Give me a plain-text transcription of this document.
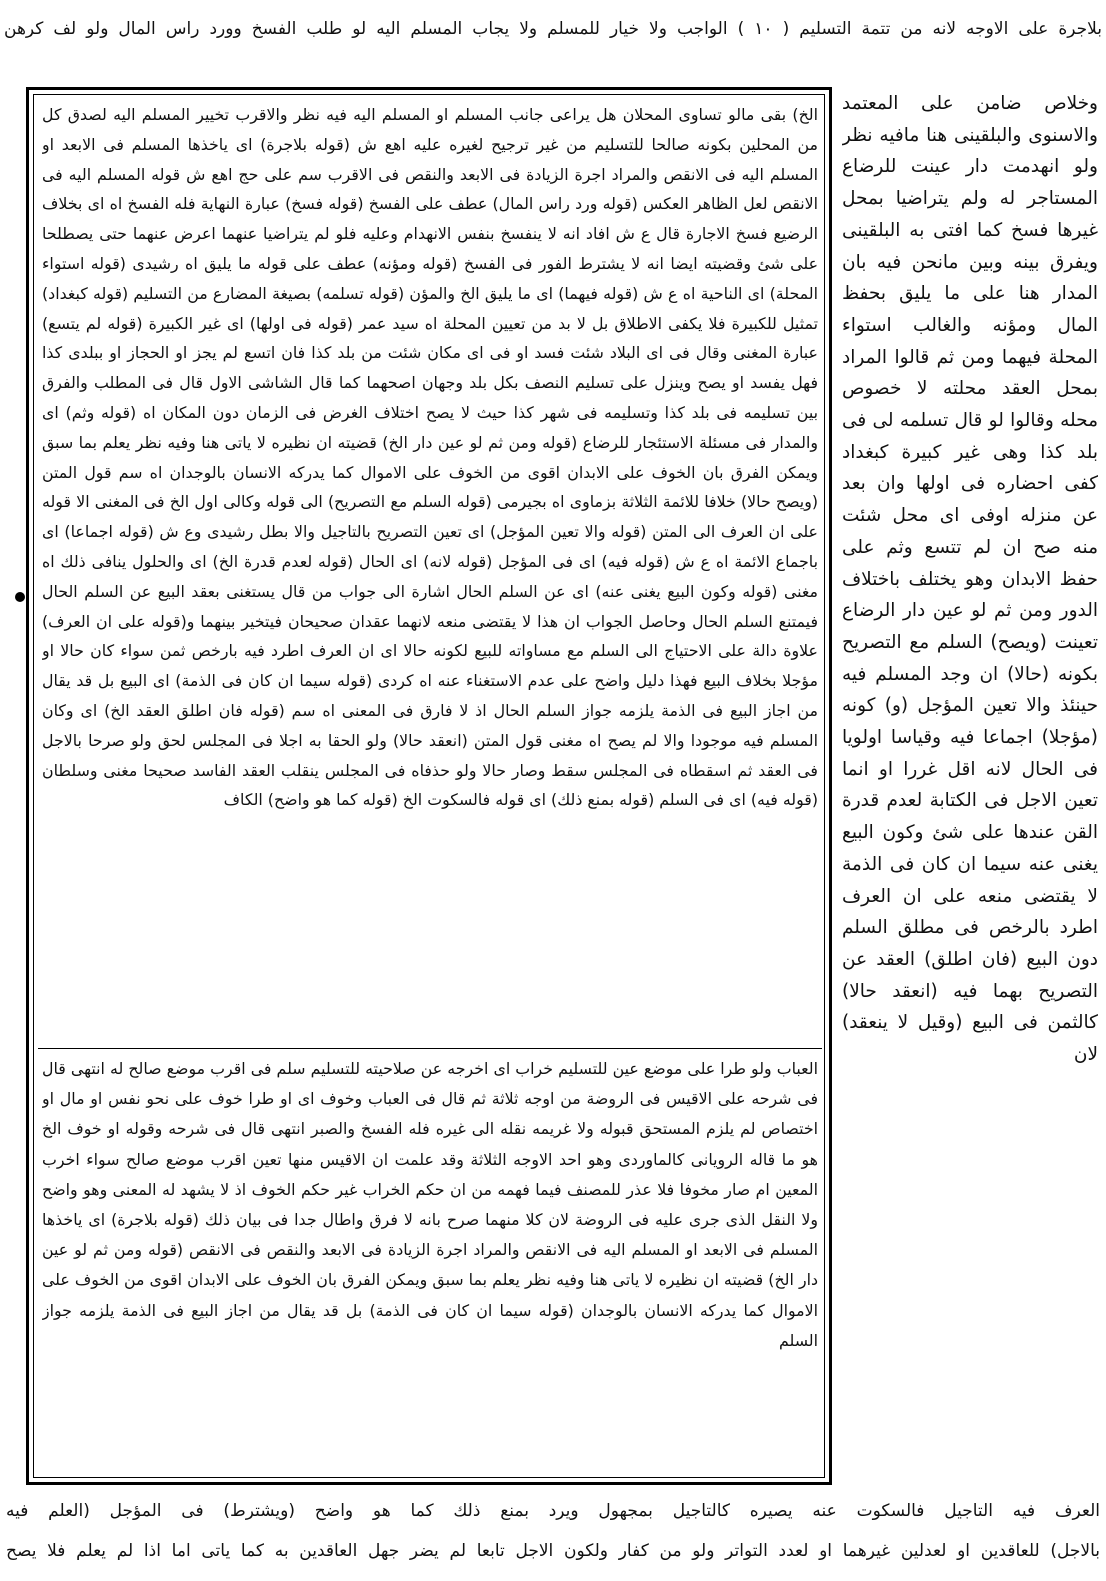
بلاجرة على الاوجه لانه من تتمة التسليم ( ١٠ ) الواجب ولا خيار للمسلم ولا يجاب المسلم اليه لو طلب الفسخ وورد راس المال ولو لف كرهن
وخلاص ضامن على المعتمد والاسنوى والبلقينى هنا مافيه نظر ولو انهدمت دار عينت للرضاع المستاجر له ولم يتراضيا بمحل غيرها فسخ كما افتى به البلقينى ويفرق بينه وبين مانحن فيه بان المدار هنا على ما يليق بحفظ المال ومؤنه والغالب استواء المحلة فيهما ومن ثم قالوا المراد بمحل العقد محلته لا خصوص محله وقالوا لو قال تسلمه لى فى بلد كذا وهى غير كبيرة كبغداد كفى احضاره فى اولها وان بعد عن منزله اوفى اى محل شئت منه صح ان لم تتسع وثم على حفظ الابدان وهو يختلف باختلاف الدور ومن ثم لو عين دار الرضاع تعينت (ويصح) السلم مع التصريح بكونه (حالا) ان وجد المسلم فيه حينئذ والا تعين المؤجل (و) كونه (مؤجلا) اجماعا فيه وقياسا اولويا فى الحال لانه اقل غررا او انما تعين الاجل فى الكتابة لعدم قدرة القن عندها على شئ وكون البيع يغنى عنه سيما ان كان فى الذمة لا يقتضى منعه على ان العرف اطرد بالرخص فى مطلق السلم دون البيع (فان اطلق) العقد عن التصريح بهما فيه (انعقد حالا) كالثمن فى البيع (وقيل لا ينعقد) لان
الخ) بقى مالو تساوى المحلان هل يراعى جانب المسلم او المسلم اليه فيه نظر والاقرب تخيير المسلم اليه لصدق كل من المحلين بكونه صالحا للتسليم من غير ترجيح لغيره عليه اهع ش (قوله بلاجرة) اى ياخذها المسلم فى الابعد او المسلم اليه فى الانقص والمراد اجرة الزيادة فى الابعد والنقص فى الاقرب سم على حج اهع ش قوله المسلم اليه فى الانقص لعل الظاهر العكس (قوله ورد راس المال) عطف على الفسخ (قوله فسخ) عبارة النهاية فله الفسخ اه اى بخلاف الرضيع فسخ الاجارة قال ع ش افاد انه لا ينفسخ بنفس الانهدام وعليه فلو لم يتراضيا عنهما اعرض عنهما حتى يصطلحا على شئ وقضيته ايضا انه لا يشترط الفور فى الفسخ (قوله ومؤنه) عطف على قوله ما يليق اه رشيدى (قوله استواء المحلة) اى الناحية اه ع ش (قوله فيهما) اى ما يليق الخ والمؤن (قوله تسلمه) بصيغة المضارع من التسليم (قوله كبغداد) تمثيل للكبيرة فلا يكفى الاطلاق بل لا بد من تعيين المحلة اه سيد عمر (قوله فى اولها) اى غير الكبيرة (قوله لم يتسع) عبارة المغنى وقال فى اى البلاد شئت فسد او فى اى مكان شئت من بلد كذا فان اتسع لم يجز او الحجاز او ببلدى كذا فهل يفسد او يصح وينزل على تسليم النصف بكل بلد وجهان اصحهما كما قال الشاشى الاول قال فى المطلب والفرق بين تسليمه فى بلد كذا وتسليمه فى شهر كذا حيث لا يصح اختلاف الغرض فى الزمان دون المكان اه (قوله وثم) اى والمدار فى مسئلة الاستئجار للرضاع (قوله ومن ثم لو عين دار الخ) قضيته ان نظيره لا ياتى هنا وفيه نظر يعلم بما سبق ويمكن الفرق بان الخوف على الابدان اقوى من الخوف على الاموال كما يدركه الانسان بالوجدان اه سم قول المتن (ويصح حالا) خلافا للائمة الثلاثة بزماوى اه بجيرمى (قوله السلم مع التصريح) الى قوله وكالى اول الخ فى المغنى الا قوله على ان العرف الى المتن (قوله والا تعين المؤجل) اى تعين التصريح بالتاجيل والا بطل رشيدى وع ش (قوله اجماعا) اى باجماع الائمة اه ع ش (قوله فيه) اى فى المؤجل (قوله لانه) اى الحال (قوله لعدم قدرة الخ) اى والحلول ينافى ذلك اه مغنى (قوله وكون البيع يغنى عنه) اى عن السلم الحال اشارة الى جواب من قال يستغنى بعقد البيع عن السلم الحال فيمتنع السلم الحال وحاصل الجواب ان هذا لا يقتضى منعه لانهما عقدان صحيحان فيتخير بينهما و(قوله على ان العرف) علاوة دالة على الاحتياج الى السلم مع مساواته للبيع لكونه حالا اى ان العرف اطرد فيه بارخص ثمن سواء كان حالا او مؤجلا بخلاف البيع فهذا دليل واضح على عدم الاستغناء عنه اه كردى (قوله سيما ان كان فى الذمة) اى البيع بل قد يقال من اجاز البيع فى الذمة يلزمه جواز السلم الحال اذ لا فارق فى المعنى اه سم (قوله فان اطلق العقد الخ) اى وكان المسلم فيه موجودا والا لم يصح اه مغنى قول المتن (انعقد حالا) ولو الحقا به اجلا فى المجلس لحق ولو صرحا بالاجل فى العقد ثم اسقطاه فى المجلس سقط وصار حالا ولو حذفاه فى المجلس ينقلب العقد الفاسد صحيحا مغنى وسلطان (قوله فيه) اى فى السلم (قوله بمنع ذلك) اى قوله فالسكوت الخ (قوله كما هو واضح) الكاف
العباب ولو طرا على موضع عين للتسليم خراب اى اخرجه عن صلاحيته للتسليم سلم فى اقرب موضع صالح له انتهى قال فى شرحه على الاقيس فى الروضة من اوجه ثلاثة ثم قال فى العباب وخوف اى او طرا خوف على نحو نفس او مال او اختصاص لم يلزم المستحق قبوله ولا غريمه نقله الى غيره فله الفسخ والصبر انتهى قال فى شرحه وقوله او خوف الخ هو ما قاله الرويانى كالماوردى وهو احد الاوجه الثلاثة وقد علمت ان الاقيس منها تعين اقرب موضع صالح سواء اخرب المعين ام صار مخوفا فلا عذر للمصنف فيما فهمه من ان حكم الخراب غير حكم الخوف اذ لا يشهد له المعنى وهو واضح ولا النقل الذى جرى عليه فى الروضة لان كلا منهما صرح بانه لا فرق واطال جدا فى بيان ذلك (قوله بلاجرة) اى ياخذها المسلم فى الابعد او المسلم اليه فى الانقص والمراد اجرة الزيادة فى الابعد والنقص فى الانقص (قوله ومن ثم لو عين دار الخ) قضيته ان نظيره لا ياتى هنا وفيه نظر يعلم بما سبق ويمكن الفرق بان الخوف على الابدان اقوى من الخوف على الاموال كما يدركه الانسان بالوجدان (قوله سيما ان كان فى الذمة) بل قد يقال من اجاز البيع فى الذمة يلزمه جواز السلم
العرف فيه التاجيل فالسكوت عنه يصيره كالتاجيل بمجهول ويرد بمنع ذلك كما هو واضح (ويشترط) فى المؤجل (العلم فيه
بالاجل) للعاقدين او لعدلين غيرهما او لعدد التواتر ولو من كفار ولكون الاجل تابعا لم يضر جهل العاقدين به كما ياتى اما اذا لم يعلم فلا يصح
